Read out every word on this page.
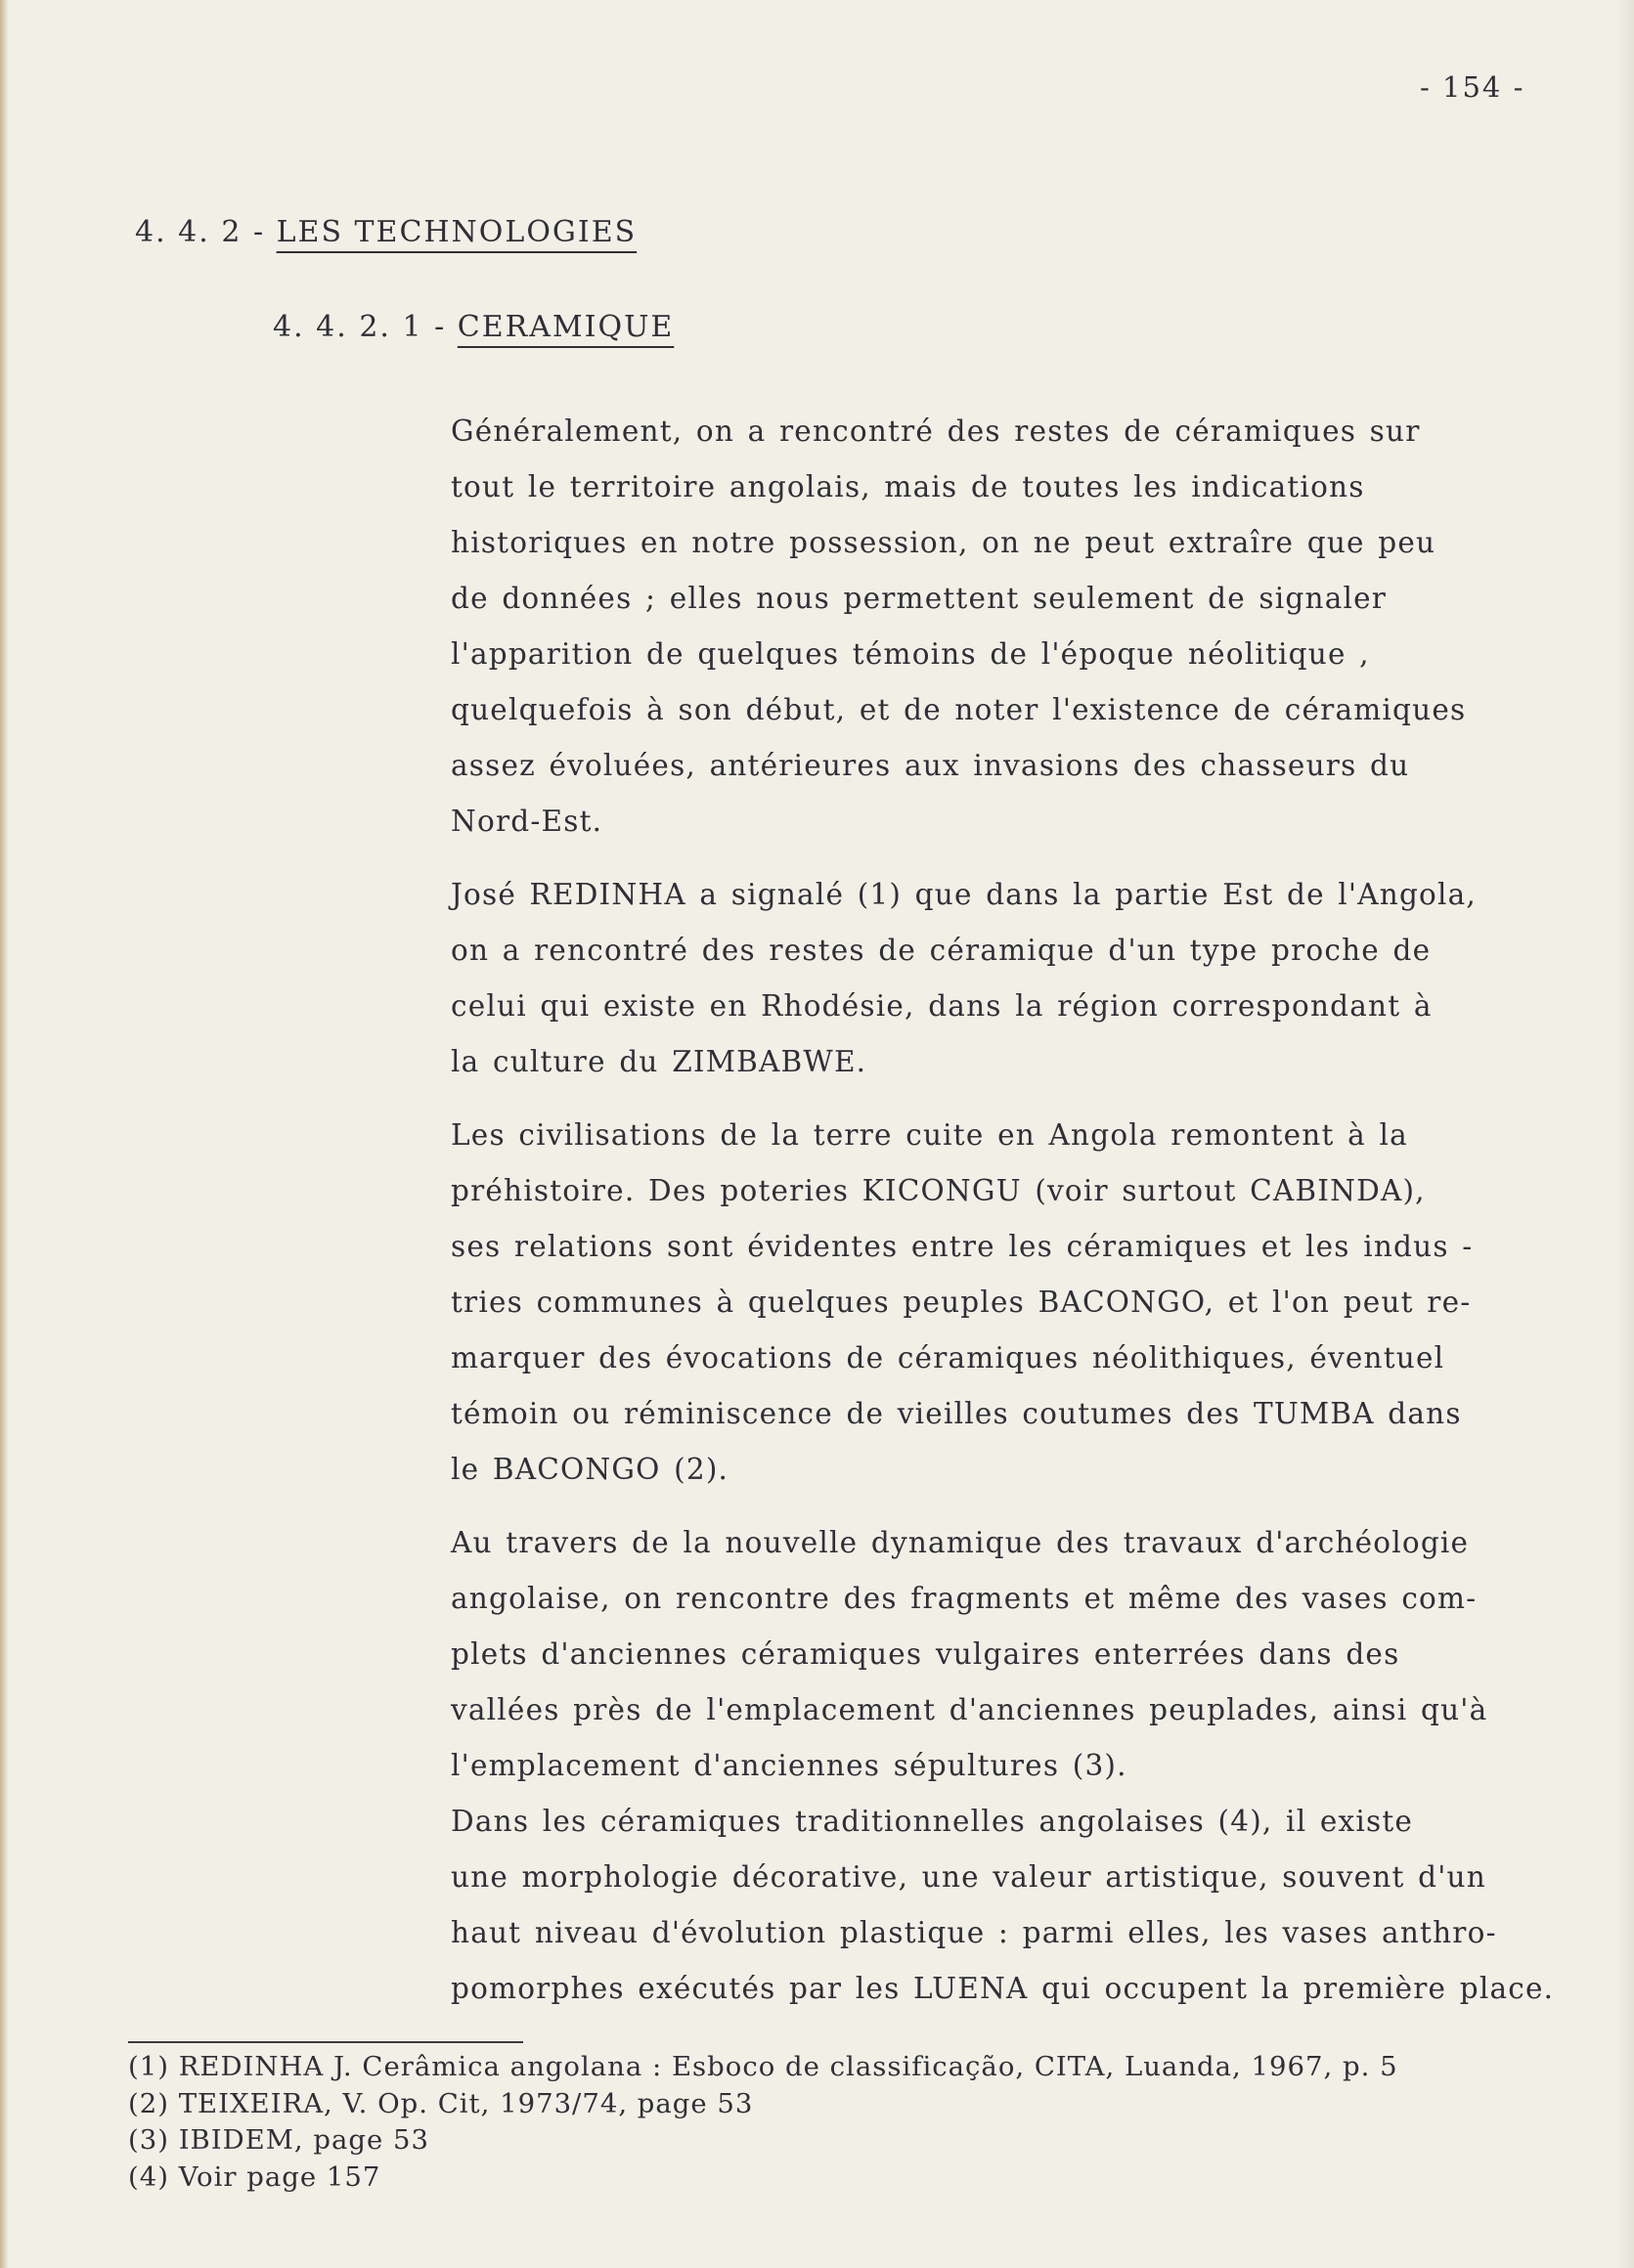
- 154 -
4. 4. 2 - LES TECHNOLOGIES
4. 4. 2. 1 - CERAMIQUE
Généralement, on a rencontré des restes de céramiques sur
tout le territoire angolais, mais de toutes les indications
historiques en notre possession, on ne peut extraîre que peu
de données ; elles nous permettent seulement de signaler
l'apparition de quelques témoins de l'époque néolitique ,
quelquefois à son début, et de noter l'existence de céramiques
assez évoluées, antérieures aux invasions des chasseurs du
Nord-Est.
José REDINHA a signalé (1) que dans la partie Est de l'Angola,
on a rencontré des restes de céramique d'un type proche de
celui qui existe en Rhodésie, dans la région correspondant à
la culture du ZIMBABWE.
Les civilisations de la terre cuite en Angola remontent à la
préhistoire. Des poteries KICONGU (voir surtout CABINDA),
ses relations sont évidentes entre les céramiques et les indus -
tries communes à quelques peuples BACONGO, et l'on peut re-
marquer des évocations de céramiques néolithiques, éventuel
témoin ou réminiscence de vieilles coutumes des TUMBA dans
le BACONGO (2).
Au travers de la nouvelle dynamique des travaux d'archéologie
angolaise, on rencontre des fragments et même des vases com-
plets d'anciennes céramiques vulgaires enterrées dans des
vallées près de l'emplacement d'anciennes peuplades, ainsi qu'à
l'emplacement d'anciennes sépultures (3).
Dans les céramiques traditionnelles angolaises (4), il existe
une morphologie décorative, une valeur artistique, souvent d'un
haut niveau d'évolution plastique : parmi elles, les vases anthro-
pomorphes exécutés par les LUENA qui occupent la première place.
(1) REDINHA J. Cerâmica angolana : Esboco de classificação, CITA, Luanda, 1967, p. 5
(2) TEIXEIRA, V. Op. Cit, 1973/74, page 53
(3) IBIDEM, page 53
(4) Voir page 157
